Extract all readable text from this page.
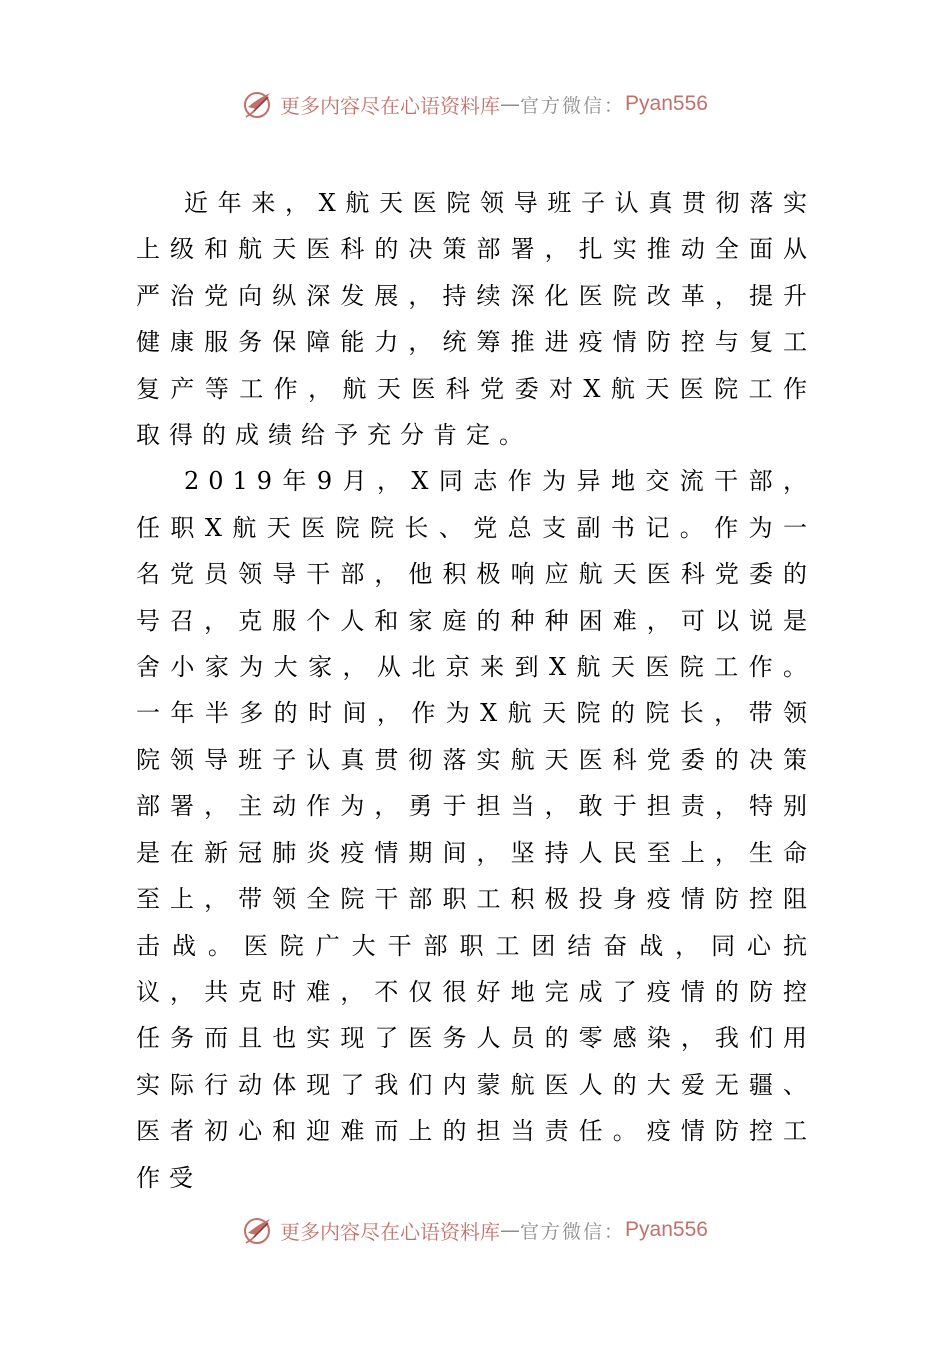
更多内容尽在心语资料库 — 官方微信： Pyan556

近年来，X航天医院领导班子认真贯彻落实上级和航天医科的决策部署，扎实推动全面从严治党向纵深发展，持续深化医院改革，提升健康服务保障能力，统筹推进疫情防控与复工复产等工作，航天医科党委对X航天医院工作取得的成绩给予充分肯定。

2019年9月，X同志作为异地交流干部，任职X航天医院院长、党总支副书记。作为一名党员领导干部，他积极响应航天医科党委的号召，克服个人和家庭的种种困难，可以说是舍小家为大家，从北京来到X航天医院工作。一年半多的时间，作为X航天院的院长，带领院领导班子认真贯彻落实航天医科党委的决策部署，主动作为，勇于担当，敢于担责，特别是在新冠肺炎疫情期间，坚持人民至上，生命至上，带领全院干部职工积极投身疫情防控阻击战。医院广大干部职工团结奋战，同心抗议，共克时难，不仅很好地完成了疫情的防控任务而且也实现了医务人员的零感染，我们用实际行动体现了我们内蒙航医人的大爱无疆、医者初心和迎难而上的担当责任。疫情防控工作受

更多内容尽在心语资料库 — 官方微信： Pyan556
